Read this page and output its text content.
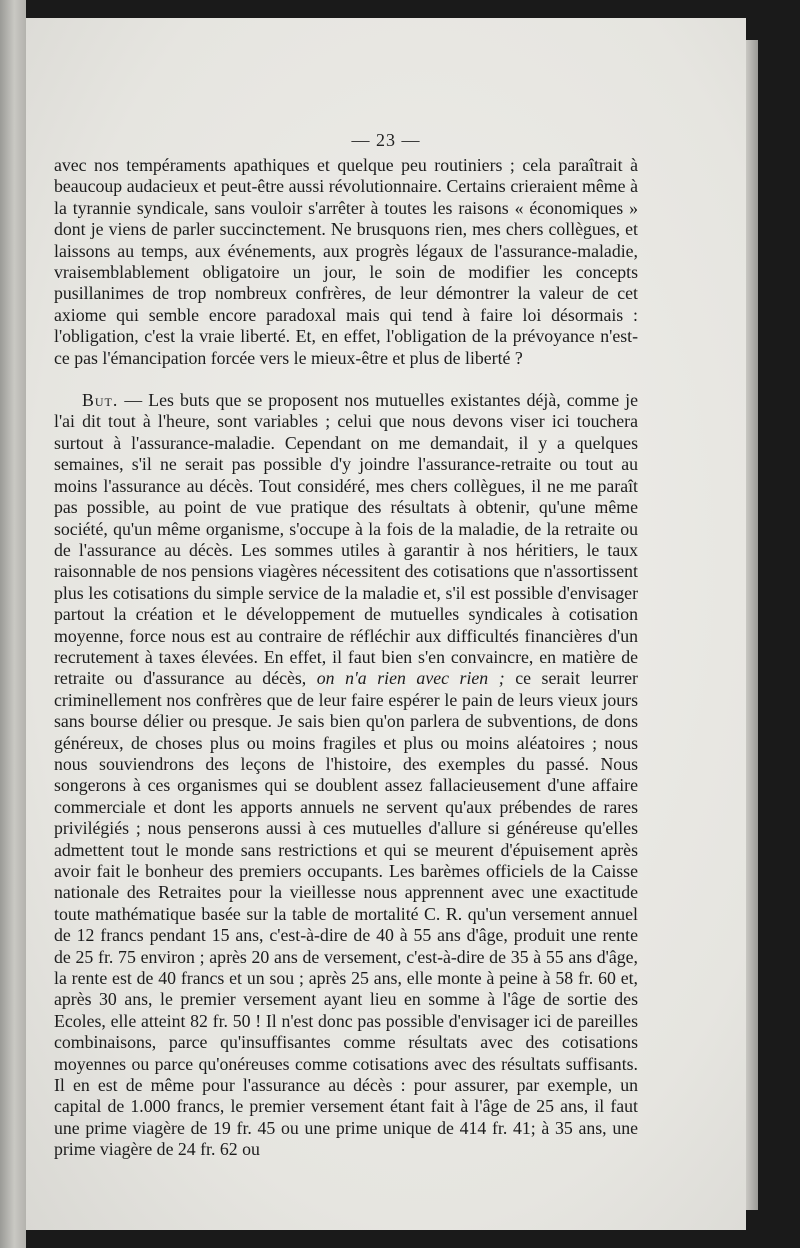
— 23 —

avec nos tempéraments apathiques et quelque peu routiniers ; cela paraîtrait à beaucoup audacieux et peut-être aussi révolutionnaire. Certains crieraient même à la tyrannie syndicale, sans vouloir s'arrêter à toutes les raisons « économiques » dont je viens de parler succinctement. Ne brusquons rien, mes chers collègues, et laissons au temps, aux événements, aux progrès légaux de l'assurance-maladie, vraisemblablement obligatoire un jour, le soin de modifier les concepts pusillanimes de trop nombreux confrères, de leur démontrer la valeur de cet axiome qui semble encore paradoxal mais qui tend à faire loi désormais : l'obligation, c'est la vraie liberté. Et, en effet, l'obligation de la prévoyance n'est-ce pas l'émancipation forcée vers le mieux-être et plus de liberté ?

But. — Les buts que se proposent nos mutuelles existantes déjà, comme je l'ai dit tout à l'heure, sont variables ; celui que nous devons viser ici touchera surtout à l'assurance-maladie. Cependant on me demandait, il y a quelques semaines, s'il ne serait pas possible d'y joindre l'assurance-retraite ou tout au moins l'assurance au décès. Tout considéré, mes chers collègues, il ne me paraît pas possible, au point de vue pratique des résultats à obtenir, qu'une même société, qu'un même organisme, s'occupe à la fois de la maladie, de la retraite ou de l'assurance au décès. Les sommes utiles à garantir à nos héritiers, le taux raisonnable de nos pensions viagères nécessitent des cotisations que n'assortissent plus les cotisations du simple service de la maladie et, s'il est possible d'envisager partout la création et le développement de mutuelles syndicales à cotisation moyenne, force nous est au contraire de réfléchir aux difficultés financières d'un recrutement à taxes élevées. En effet, il faut bien s'en convaincre, en matière de retraite ou d'assurance au décès, on n'a rien avec rien ; ce serait leurrer criminellement nos confrères que de leur faire espérer le pain de leurs vieux jours sans bourse délier ou presque. Je sais bien qu'on parlera de subventions, de dons généreux, de choses plus ou moins fragiles et plus ou moins aléatoires ; nous nous souviendrons des leçons de l'histoire, des exemples du passé. Nous songerons à ces organismes qui se doublent assez fallacieusement d'une affaire commerciale et dont les apports annuels ne servent qu'aux prébendes de rares privilégiés ; nous penserons aussi à ces mutuelles d'allure si généreuse qu'elles admettent tout le monde sans restrictions et qui se meurent d'épuisement après avoir fait le bonheur des premiers occupants. Les barèmes officiels de la Caisse nationale des Retraites pour la vieillesse nous apprennent avec une exactitude toute mathématique basée sur la table de mortalité C. R. qu'un versement annuel de 12 francs pendant 15 ans, c'est-à-dire de 40 à 55 ans d'âge, produit une rente de 25 fr. 75 environ ; après 20 ans de versement, c'est-à-dire de 35 à 55 ans d'âge, la rente est de 40 francs et un sou ; après 25 ans, elle monte à peine à 58 fr. 60 et, après 30 ans, le premier versement ayant lieu en somme à l'âge de sortie des Ecoles, elle atteint 82 fr. 50 ! Il n'est donc pas possible d'envisager ici de pareilles combinaisons, parce qu'insuffisantes comme résultats avec des cotisations moyennes ou parce qu'onéreuses comme cotisations avec des résultats suffisants. Il en est de même pour l'assurance au décès : pour assurer, par exemple, un capital de 1.000 francs, le premier versement étant fait à l'âge de 25 ans, il faut une prime viagère de 19 fr. 45 ou une prime unique de 414 fr. 41; à 35 ans, une prime viagère de 24 fr. 62 ou
